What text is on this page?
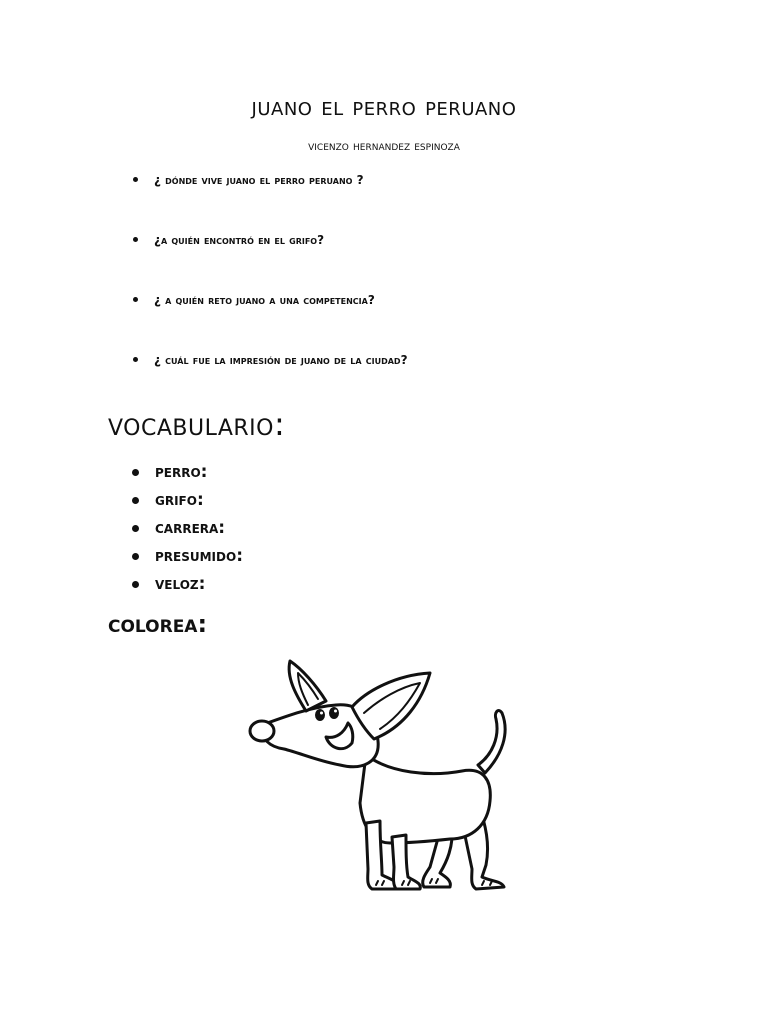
juano el perro peruano
vicenzo hernandez espinoza
¿ dónde vive juano el perro peruano ?
¿a quién encontró en el grifo?
¿ a quién reto juano a una competencia?
¿ cuál fue la impresión de juano de la ciudad?
vocabulario:
perro:
grifo:
carrera:
presumido:
veloz:
colorea:
